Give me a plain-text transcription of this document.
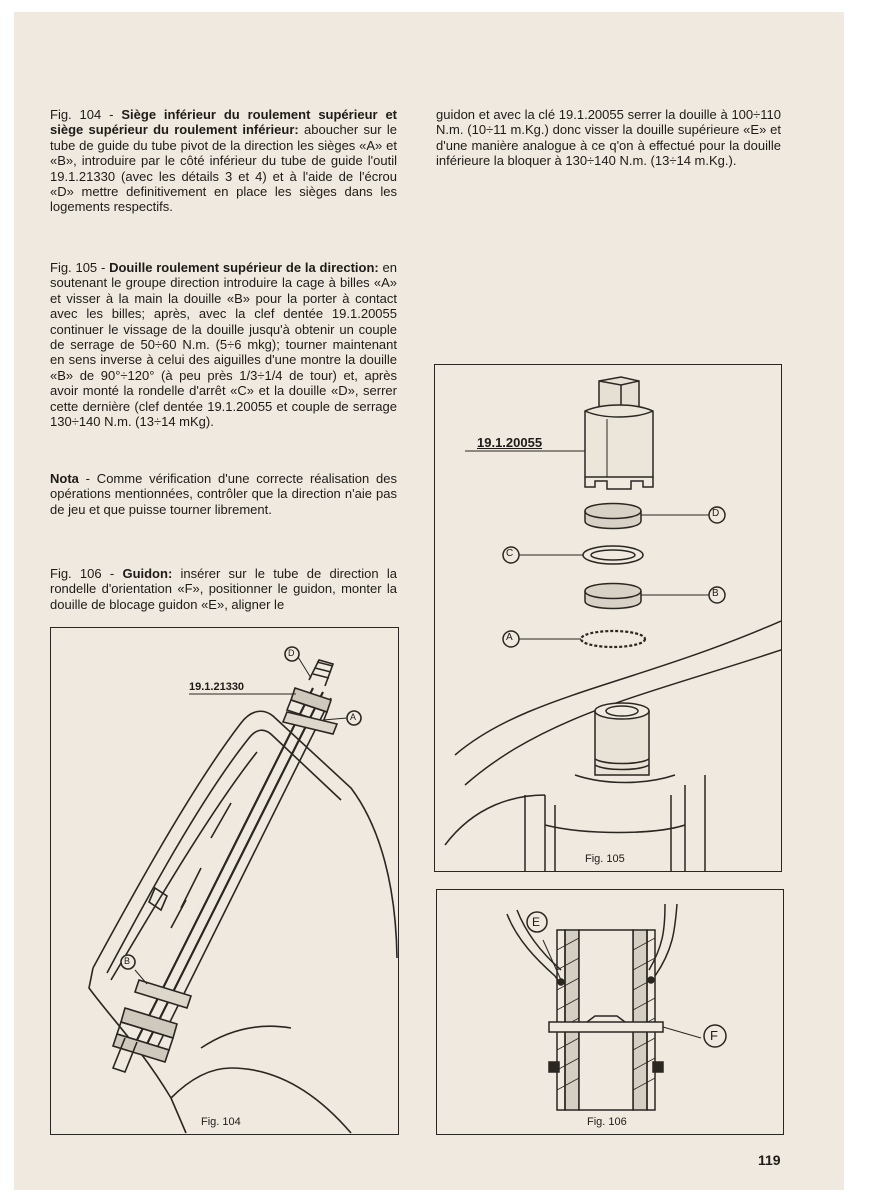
Fig. 104 - Siège inférieur du roulement supérieur et siège supérieur du roulement inférieur: aboucher sur le tube de guide du tube pivot de la direction les sièges «A» et «B», introduire par le côté inférieur du tube de guide l'outil 19.1.21330 (avec les détails 3 et 4) et à l'aide de l'écrou «D» mettre definitivement en place les sièges dans les logements respectifs.

Fig. 105 - Douille roulement supérieur de la direction: en soutenant le groupe direction introduire la cage à billes «A» et visser à la main la douille «B» pour la porter à contact avec les billes; après, avec la clef dentée 19.1.20055 continuer le vissage de la douille jusqu'à obtenir un couple de serrage de 50÷60 N.m. (5÷6 mkg); tourner maintenant en sens inverse à celui des aiguilles d'une montre la douille «B» de 90°÷120° (à peu près 1/3÷1/4 de tour) et, après avoir monté la rondelle d'arrêt «C» et la douille «D», serrer cette dernière (clef dentée 19.1.20055 et couple de serrage 130÷140 N.m. (13÷14 mKg).

Nota - Comme vérification d'une correcte réalisation des opérations mentionnées, contrôler que la direction n'aie pas de jeu et que puisse tourner librement.

Fig. 106 - Guidon: insérer sur le tube de direction la rondelle d'orientation «F», positionner le guidon, monter la douille de blocage guidon «E», aligner le

guidon et avec la clé 19.1.20055 serrer la douille à 100÷110 N.m. (10÷11 m.Kg.) donc visser la douille supérieure «E» et d'une manière analogue à ce q'on à effectué pour la douille inférieure la bloquer à 130÷140 N.m. (13÷14 m.Kg.).

19.1.21330
D
A
B
Fig. 104
19.1.20055
D
C
B
A
Fig. 105
E
F
Fig. 106
119
